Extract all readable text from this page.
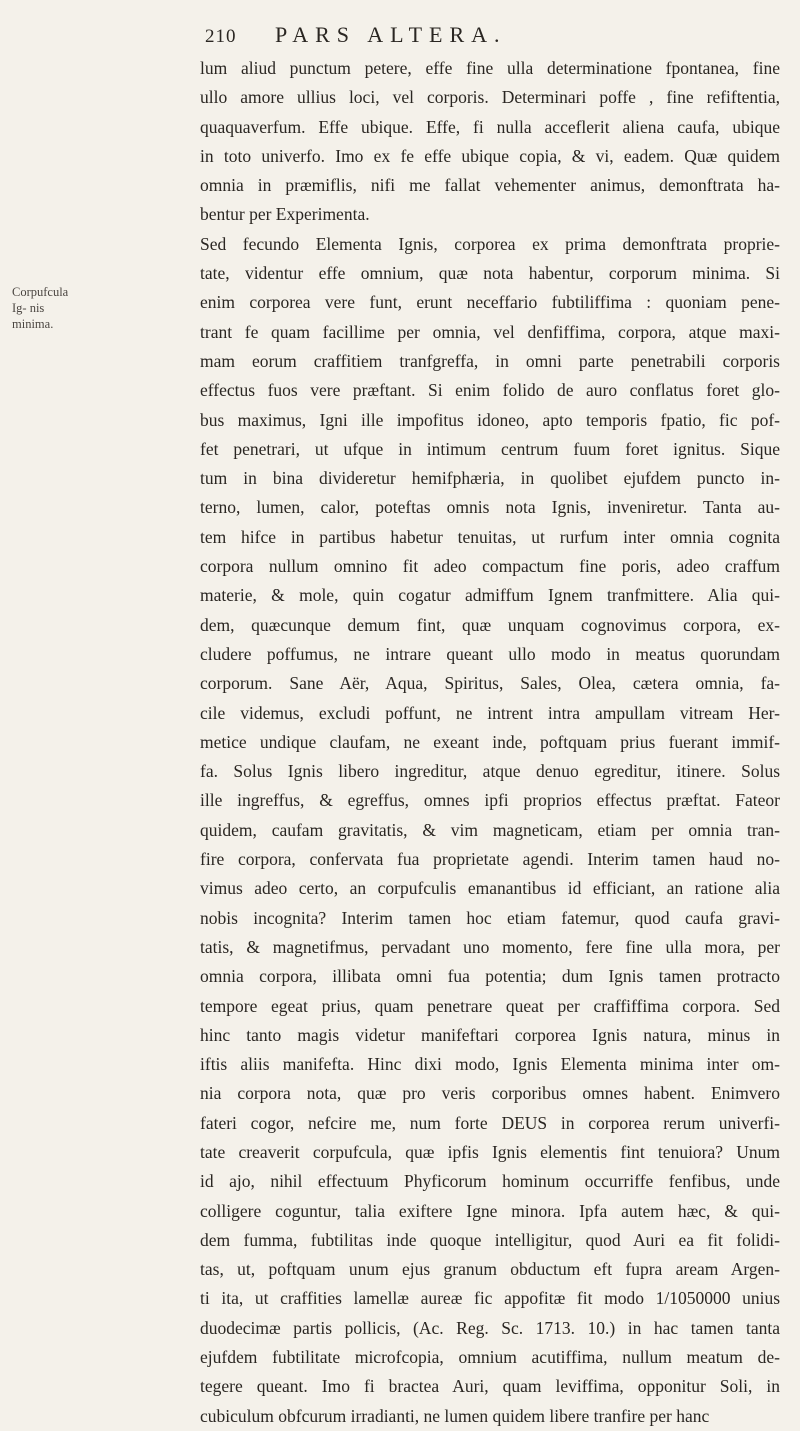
210	PARS ALTERA.
Corpufcula Ig- nis minima.
lum aliud punctum petere, effe fine ulla determinatione fpontanea, fine
ullo amore ullius loci, vel corporis. Determinari poffe , fine refiftentia,
quaquaverfum. Effe ubique. Effe, fi nulla acceflerit aliena caufa, ubique
in toto univerfo. Imo ex fe effe ubique copia, & vi, eadem. Quæ quidem
omnia in præmiflis, nifi me fallat vehementer animus, demonftrata ha-
bentur per Experimenta.
Sed fecundo Elementa Ignis, corporea ex prima demonftrata proprie-
tate, videntur effe omnium, quæ nota habentur, corporum minima. Si
enim corporea vere funt, erunt neceffario fubtiliffima : quoniam pene-
trant fe quam facillime per omnia, vel denfiffima, corpora, atque maxi-
mam eorum craffitiem tranfgreffa, in omni parte penetrabili corporis
effectus fuos vere præftant. Si enim folido de auro conflatus foret glo-
bus maximus, Igni ille impofitus idoneo, apto temporis fpatio, fic pof-
fet penetrari, ut ufque in intimum centrum fuum foret ignitus. Sique
tum in bina divideretur hemifphæria, in quolibet ejufdem puncto in-
terno, lumen, calor, poteftas omnis nota Ignis, inveniretur. Tanta au-
tem hifce in partibus habetur tenuitas, ut rurfum inter omnia cognita
corpora nullum omnino fit adeo compactum fine poris, adeo craffum
materie, & mole, quin cogatur admiffum Ignem tranfmittere. Alia qui-
dem, quæcunque demum fint, quæ unquam cognovimus corpora, ex-
cludere poffumus, ne intrare queant ullo modo in meatus quorundam
corporum. Sane Aër, Aqua, Spiritus, Sales, Olea, cætera omnia, fa-
cile videmus, excludi poffunt, ne intrent intra ampullam vitream Her-
metice undique claufam, ne exeant inde, poftquam prius fuerant immif-
fa. Solus Ignis libero ingreditur, atque denuo egreditur, itinere. Solus
ille ingreffus, & egreffus, omnes ipfi proprios effectus præftat. Fateor
quidem, caufam gravitatis, & vim magneticam, etiam per omnia tran-
fire corpora, confervata fua proprietate agendi. Interim tamen haud no-
vimus adeo certo, an corpufculis emanantibus id efficiant, an ratione alia
nobis incognita? Interim tamen hoc etiam fatemur, quod caufa gravi-
tatis, & magnetifmus, pervadant uno momento, fere fine ulla mora, per
omnia corpora, illibata omni fua potentia; dum Ignis tamen protracto
tempore egeat prius, quam penetrare queat per craffiffima corpora. Sed
hinc tanto magis videtur manifeftari corporea Ignis natura, minus in
iftis aliis manifefta. Hinc dixi modo, Ignis Elementa minima inter om-
nia corpora nota, quæ pro veris corporibus omnes habent. Enimvero
fateri cogor, nefcire me, num forte DEUS in corporea rerum univerfi-
tate creaverit corpufcula, quæ ipfis Ignis elementis fint tenuiora? Unum
id ajo, nihil effectuum Phyficorum hominum occurriffe fenfibus, unde
colligere coguntur, talia exiftere Igne minora. Ipfa autem hæc, & qui-
dem fumma, fubtilitas inde quoque intelligitur, quod Auri ea fit folidi-
tas, ut, poftquam unum ejus granum obductum eft fupra aream Argen-
ti ita, ut craffities lamellæ aureæ fic appofitæ fit modo 1/1050000 unius
duodecimæ partis pollicis, (Ac. Reg. Sc. 1713. 10.) in hac tamen tanta
ejufdem fubtilitate microfcopia, omnium acutiffima, nullum meatum de-
tegere queant. Imo fi bractea Auri, quam leviffima, opponitur Soli, in
cubiculum obfcurum irradianti, ne lumen quidem libere tranfire per hanc
